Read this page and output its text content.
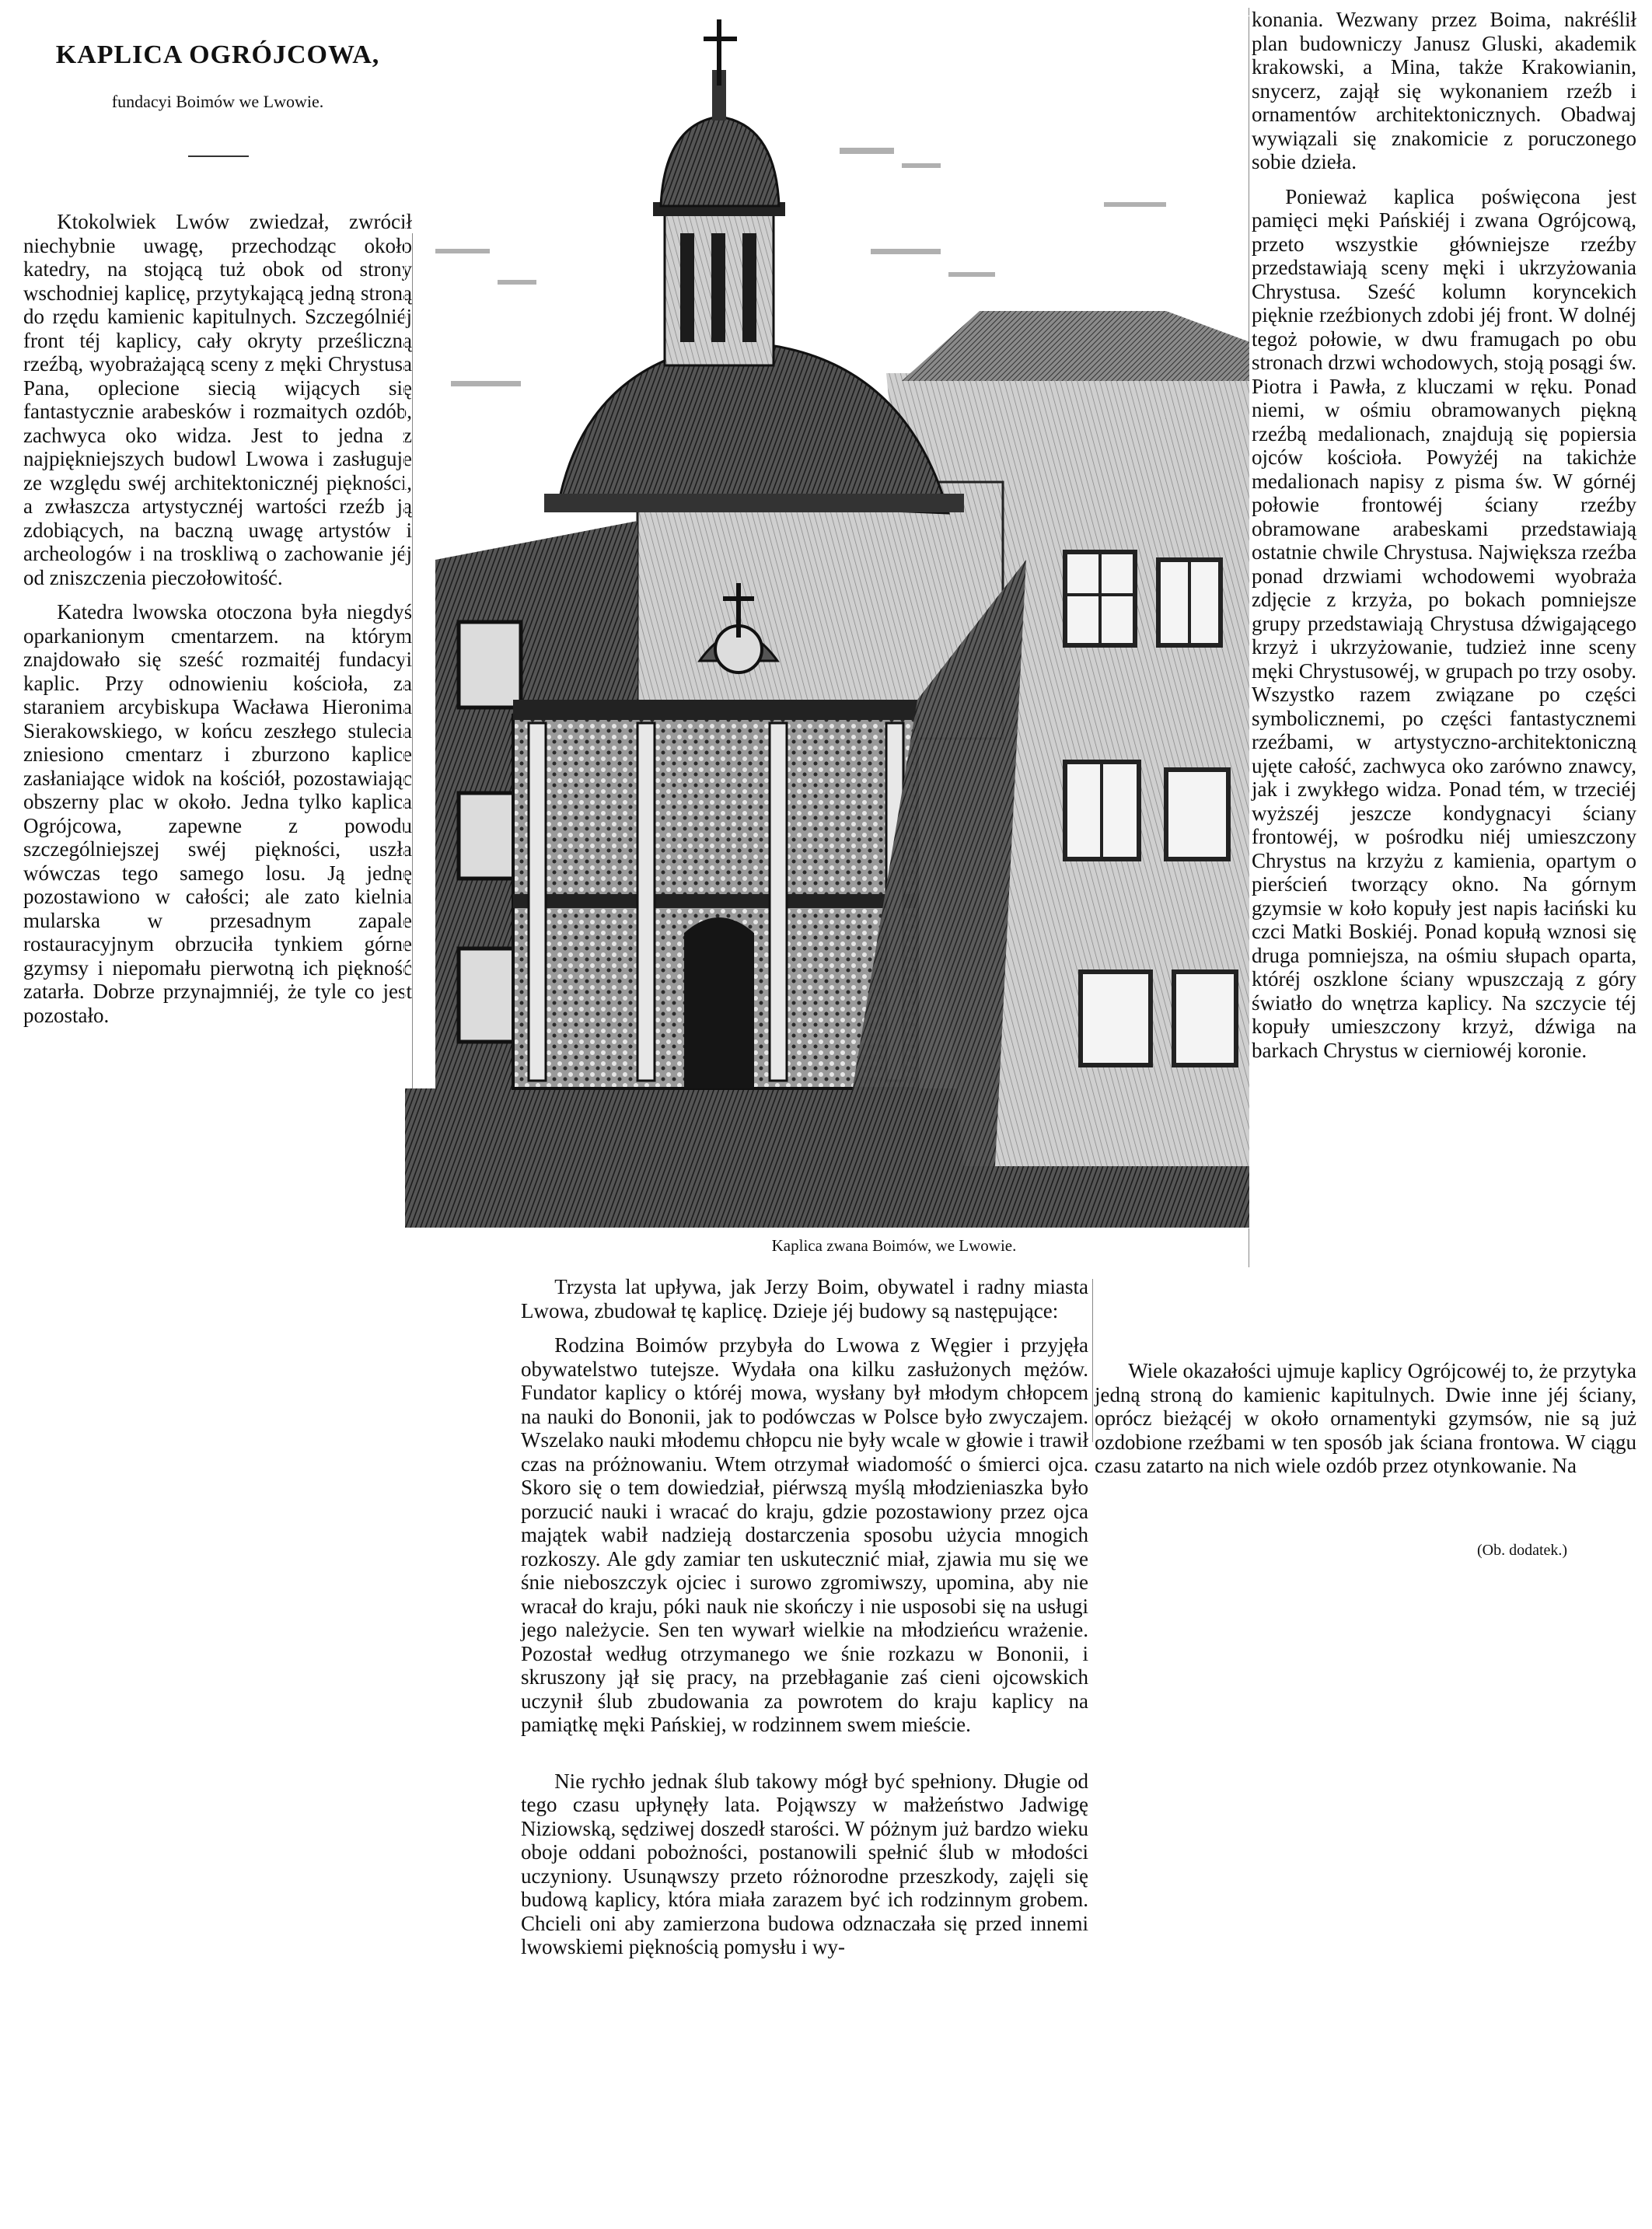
KAPLICA OGRÓJCOWA,
fundacyi Boimów we Lwowie.

Ktokolwiek Lwów zwiedzał, zwrócił niechybnie uwagę, przechodząc około katedry, na stojącą tuż obok od strony wschodniej kaplicę, przytykającą jedną stroną do rzędu kamienic kapitulnych. Szczególniéj front téj kaplicy, cały okryty prześliczną rzeźbą, wyobrażającą sceny z męki Chrystusa Pana, oplecione siecią wijących się fantastycznie arabesków i rozmaitych ozdób, zachwyca oko widza. Jest to jedna z najpiękniejszych budowl Lwowa i zasługuje ze względu swéj architektonicznéj piękności, a zwłaszcza artystycznéj wartości rzeźb ją zdobiących, na baczną uwagę artystów i archeologów i na troskliwą o zachowanie jéj od zniszczenia pieczołowitość.

Katedra lwowska otoczona była niegdyś oparkanionym cmentarzem. na którym znajdowało się sześć rozmaitéj fundacyi kaplic. Przy odnowieniu kościoła, za staraniem arcybiskupa Wacława Hieronima Sierakowskiego, w końcu zeszłego stulecia zniesiono cmentarz i zburzono kaplice zasłaniające widok na kościół, pozostawiając obszerny plac w około. Jedna tylko kaplica Ogrójcowa, zapewne z powodu szczególniejszej swéj piękności, uszła wówczas tego samego losu. Ją jednę pozostawiono w całości; ale zato kielnia mularska w przesadnym zapale rostauracyjnym obrzuciła tynkiem górne gzymsy i niepomału pierwotną ich piękność zatarła. Dobrze przynajmniéj, że tyle co jest pozostało.

Kaplica zwana Boimów, we Lwowie.

konania. Wezwany przez Boima, nakréślił plan budowniczy Janusz Gluski, akademik krakowski, a Mina, także Krakowianin, snycerz, zajął się wykonaniem rzeźb i ornamentów architektonicznych. Obadwaj wywiązali się znakomicie z poruczonego sobie dzieła.

Ponieważ kaplica poświęcona jest pamięci męki Pańskiéj i zwana Ogrójcową, przeto wszystkie główniejsze rzeźby przedstawiają sceny męki i ukrzyżowania Chrystusa. Sześć kolumn koryncekich pięknie rzeźbionych zdobi jéj front. W dolnéj tegoż połowie, w dwu framugach po obu stronach drzwi wchodowych, stoją posągi św. Piotra i Pawła, z kluczami w ręku. Ponad niemi, w ośmiu obramowanych piękną rzeźbą medalionach, znajdują się popiersia ojców kościoła. Powyżéj na takichże medalionach napisy z pisma św. W górnéj połowie frontowéj ściany rzeźby obramowane arabeskami przedstawiają ostatnie chwile Chrystusa. Największa rzeźba ponad drzwiami wchodowemi wyobraża zdjęcie z krzyża, po bokach pomniejsze grupy przedstawiają Chrystusa dźwigającego krzyż i ukrzyżowanie, tudzież inne sceny męki Chrystusowéj, w grupach po trzy osoby. Wszystko razem związane po części symbolicznemi, po części fantastycznemi rzeźbami, w artystyczno-architektoniczną ujęte całość, zachwyca oko zarówno znawcy, jak i zwykłego widza. Ponad tém, w trzeciéj wyższéj jeszcze kondygnacyi ściany frontowéj, w pośrodku niéj umieszczony Chrystus na krzyżu z kamienia, opartym o pierścień tworzący okno. Na górnym gzymsie w koło kopuły jest napis łaciński ku czci Matki Boskiéj. Ponad kopułą wznosi się druga pomniejsza, na ośmiu słupach oparta, któréj oszklone ściany wpuszczają z góry światło do wnętrza kaplicy. Na szczycie téj kopuły umieszczony krzyż, dźwiga na barkach Chrystus w cierniowéj koronie.

Trzysta lat upływa, jak Jerzy Boim, obywatel i radny miasta Lwowa, zbudował tę kaplicę. Dzieje jéj budowy są następujące:

Rodzina Boimów przybyła do Lwowa z Węgier i przyjęła obywatelstwo tutejsze. Wydała ona kilku zasłużonych mężów. Fundator kaplicy o któréj mowa, wysłany był młodym chłopcem na nauki do Bononii, jak to podówczas w Polsce było zwyczajem. Wszelako nauki młodemu chłopcu nie były wcale w głowie i trawił czas na próżnowaniu. Wtem otrzymał wiadomość o śmierci ojca. Skoro się o tem dowiedział, piérwszą myślą młodzieniaszka było porzucić nauki i wracać do kraju, gdzie pozostawiony przez ojca majątek wabił nadzieją dostarczenia sposobu użycia mnogich rozkoszy. Ale gdy zamiar ten uskutecznić miał, zjawia mu się we śnie nieboszczyk ojciec i surowo zgromiwszy, upomina, aby nie wracał do kraju, póki nauk nie skończy i nie usposobi się na usługi jego należycie. Sen ten wywarł wielkie na młodzieńcu wrażenie. Pozostał według otrzymanego we śnie rozkazu w Bononii, i skruszony jął się pracy, na przebłaganie zaś cieni ojcowskich uczynił ślub zbudowania za powrotem do kraju kaplicy na pamiątkę męki Pańskiej, w rodzinnem swem mieście.

Nie rychło jednak ślub takowy mógł być spełniony. Długie od tego czasu upłynęły lata. Pojąwszy w małżeństwo Jadwigę Niziowską, sędziwej doszedł starości. W póżnym już bardzo wieku oboje oddani pobożności, postanowili spełnić ślub w młodości uczyniony. Usunąwszy przeto różnorodne przeszkody, zajęli się budową kaplicy, która miała zarazem być ich rodzinnym grobem. Chcieli oni aby zamierzona budowa odznaczała się przed innemi lwowskiemi pięknością pomysłu i wy-

Wiele okazałości ujmuje kaplicy Ogrójcowéj to, że przytyka jedną stroną do kamienic kapitulnych. Dwie inne jéj ściany, oprócz bieżącéj w około ornamentyki gzymsów, nie są już ozdobione rzeźbami w ten sposób jak ściana frontowa. W ciągu czasu zatarto na nich wiele ozdób przez otynkowanie. Na

(Ob. dodatek.)
